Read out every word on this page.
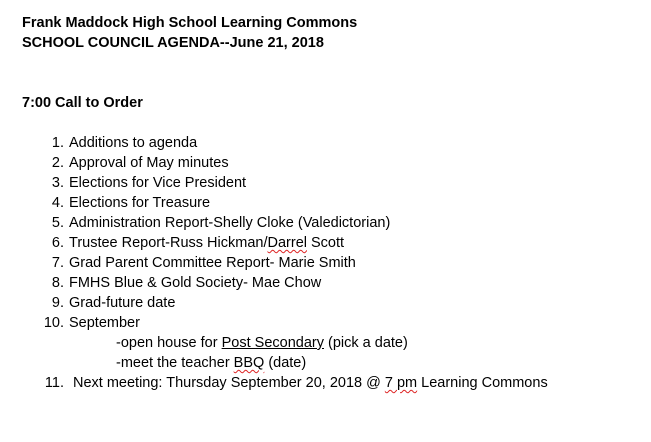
Frank Maddock High School Learning Commons
SCHOOL COUNCIL AGENDA--June 21, 2018
7:00 Call to Order
1. Additions to agenda
2. Approval of May minutes
3. Elections for Vice President
4. Elections for Treasure
5. Administration Report-Shelly Cloke (Valedictorian)
6. Trustee Report-Russ Hickman/Darrel Scott
7. Grad Parent Committee Report- Marie Smith
8. FMHS Blue & Gold Society- Mae Chow
9. Grad-future date
10. September
-open house for Post Secondary (pick a date)
-meet the teacher BBQ (date)
11. Next meeting: Thursday September 20, 2018 @ 7 pm Learning Commons
